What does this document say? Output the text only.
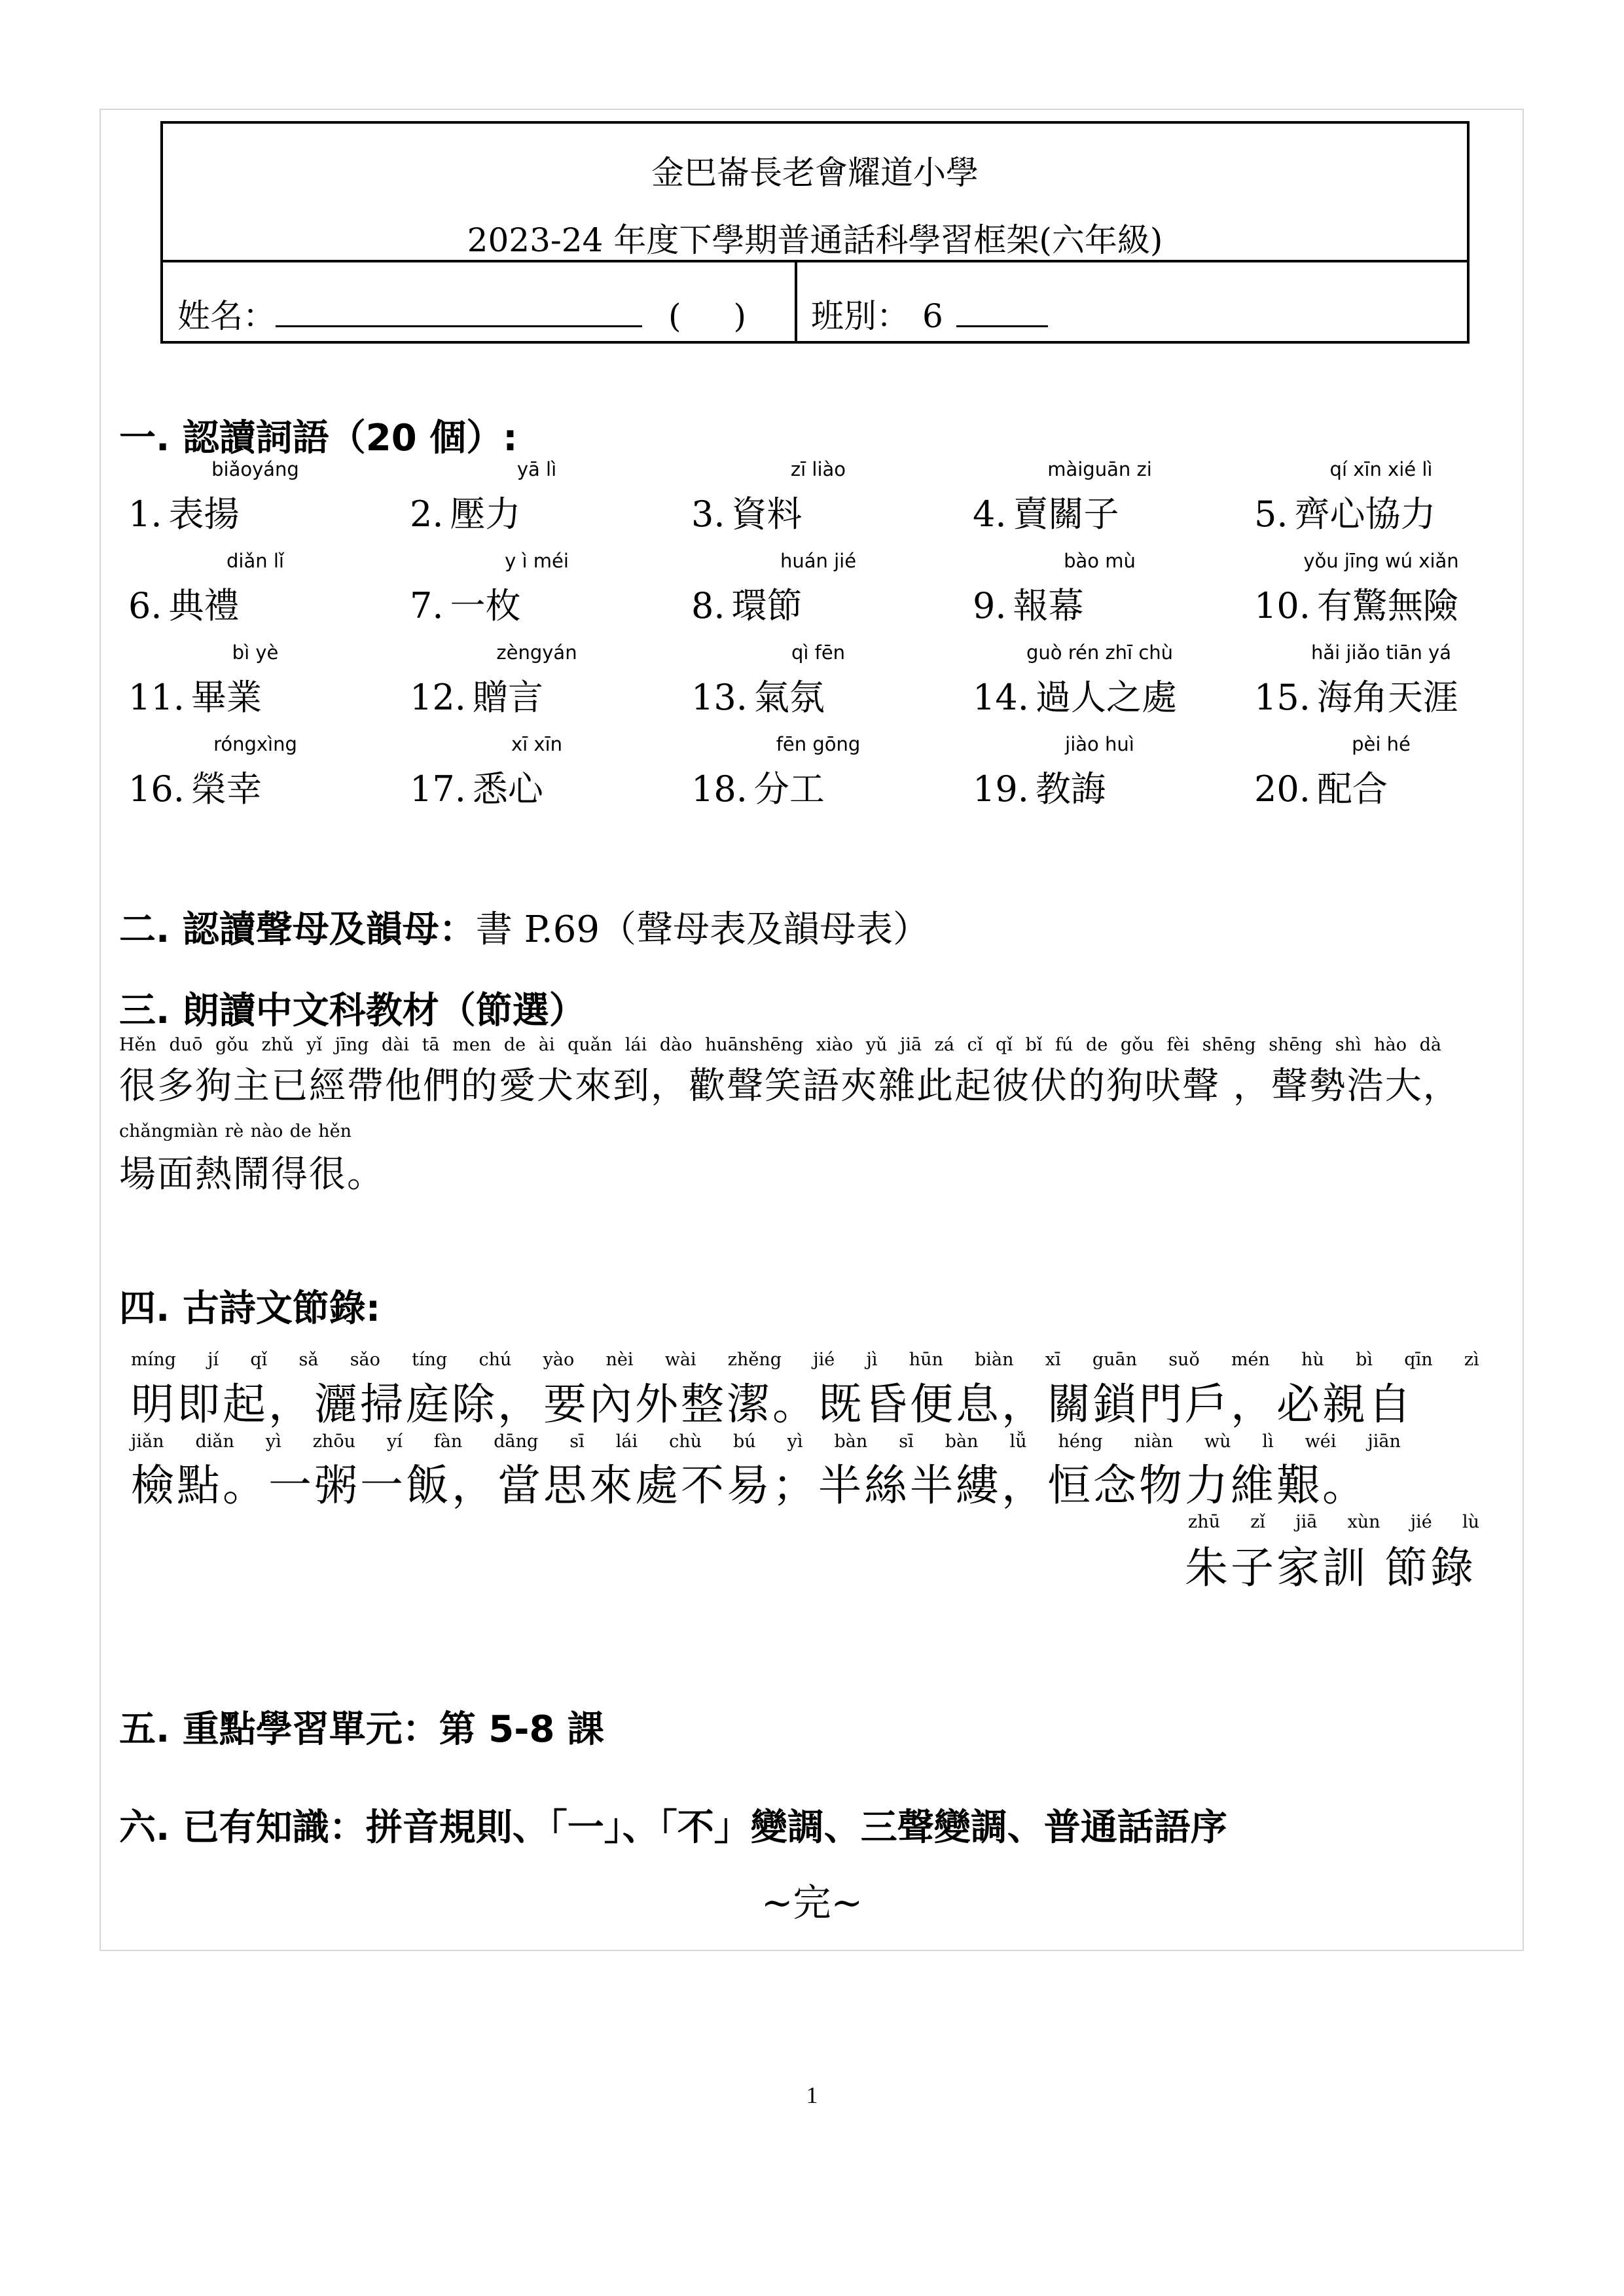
金巴崙長老會耀道小學
2023-24 年度下學期普通話科學習框架(六年級)
姓名：	( ) 班別： 6
一. 認讀詞語（20 個）:
biǎoyáng
1. 表揚
yā lì
2. 壓力
zī liào
3. 資料
màiguān zi
4. 賣關子
qí xīn xié lì
5. 齊心協力
diǎn lǐ
6. 典禮
y ì méi
7. 一枚
huán jié
8. 環節
bào mù
9. 報幕
yǒu jīng wú xiǎn
10. 有驚無險
bì yè
11. 畢業
zèngyán
12. 贈言
qì fēn
13. 氣氛
guò rén zhī chù
14. 過人之處
hǎi jiǎo tiān yá
15. 海角天涯
róngxìng
16. 榮幸
xī xīn
17. 悉心
fēn gōng
18. 分工
jiào huì
19. 教誨
pèi hé
20. 配合
二. 認讀聲母及韻母：書 P.69（聲母表及韻母表）
三. 朗讀中文科教材（節選）
Hěn duō gǒu zhǔ yǐ jīng dài tā men de ài quǎn lái dào huānshēng xiào yǔ jiā zá cǐ qǐ bǐ fú de gǒu fèi shēng shēng shì hào dà
很多狗主已經帶他們的愛犬來到，歡聲笑語夾雜此起彼伏的狗吠聲 ，聲勢浩大，
chǎngmiàn rè nào de hěn
場面熱鬧得很。
四. 古詩文節錄:
míng jí qǐ sǎ sǎo tíng chú yào nèi wài zhěng jié jì hūn biàn xī guān suǒ mén hù bì qīn zì
明即起，灑掃庭除，要內外整潔。既昏便息，關鎖門戶，必親自
jiǎn diǎn yì zhōu yí fàn dāng sī lái chù bú yì bàn sī bàn lǚ héng niàn wù lì wéi jiān
檢點。一粥一飯，當思來處不易；半絲半縷，恒念物力維艱。
zhū zǐ jiā xùn jié lù
朱子家訓 節錄
五. 重點學習單元：第 5-8 課
六. 已有知識：拼音規則、「一」、「不」變調、三聲變調、普通話語序
~完~
1
